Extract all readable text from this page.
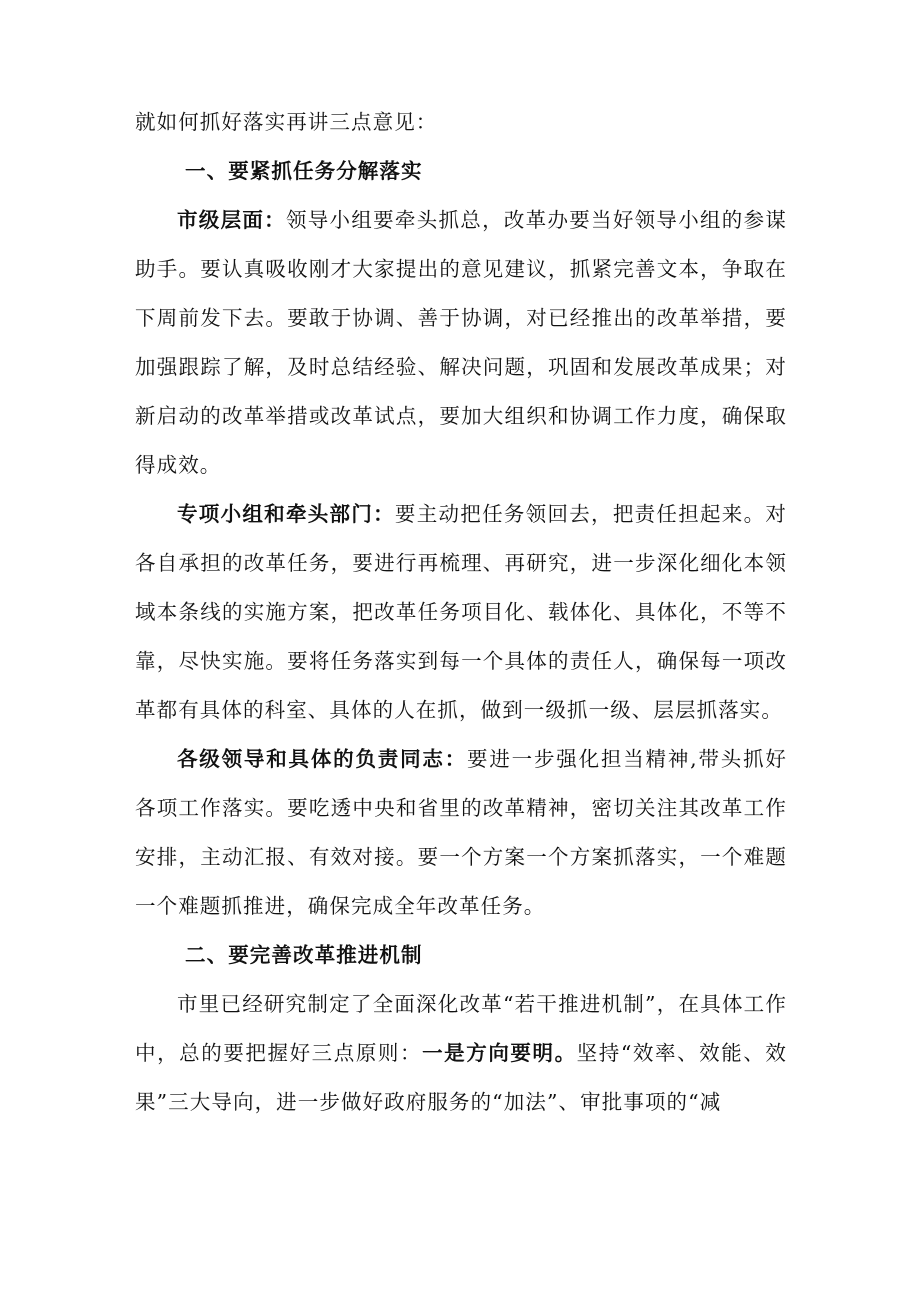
就如何抓好落实再讲三点意见：

一、要紧抓任务分解落实

市级层面：领导小组要牵头抓总，改革办要当好领导小组的参谋助手。要认真吸收刚才大家提出的意见建议，抓紧完善文本，争取在下周前发下去。要敢于协调、善于协调，对已经推出的改革举措，要加强跟踪了解，及时总结经验、解决问题，巩固和发展改革成果；对新启动的改革举措或改革试点，要加大组织和协调工作力度，确保取得成效。

专项小组和牵头部门：要主动把任务领回去，把责任担起来。对各自承担的改革任务，要进行再梳理、再研究，进一步深化细化本领域本条线的实施方案，把改革任务项目化、载体化、具体化，不等不靠，尽快实施。要将任务落实到每一个具体的责任人，确保每一项改革都有具体的科室、具体的人在抓，做到一级抓一级、层层抓落实。

各级领导和具体的负责同志：要进一步强化担当精神,带头抓好各项工作落实。要吃透中央和省里的改革精神，密切关注其改革工作安排，主动汇报、有效对接。要一个方案一个方案抓落实，一个难题一个难题抓推进，确保完成全年改革任务。

二、要完善改革推进机制

市里已经研究制定了全面深化改革“若干推进机制”，在具体工作中，总的要把握好三点原则：一是方向要明。坚持“效率、效能、效果”三大导向，进一步做好政府服务的“加法”、审批事项的“减
